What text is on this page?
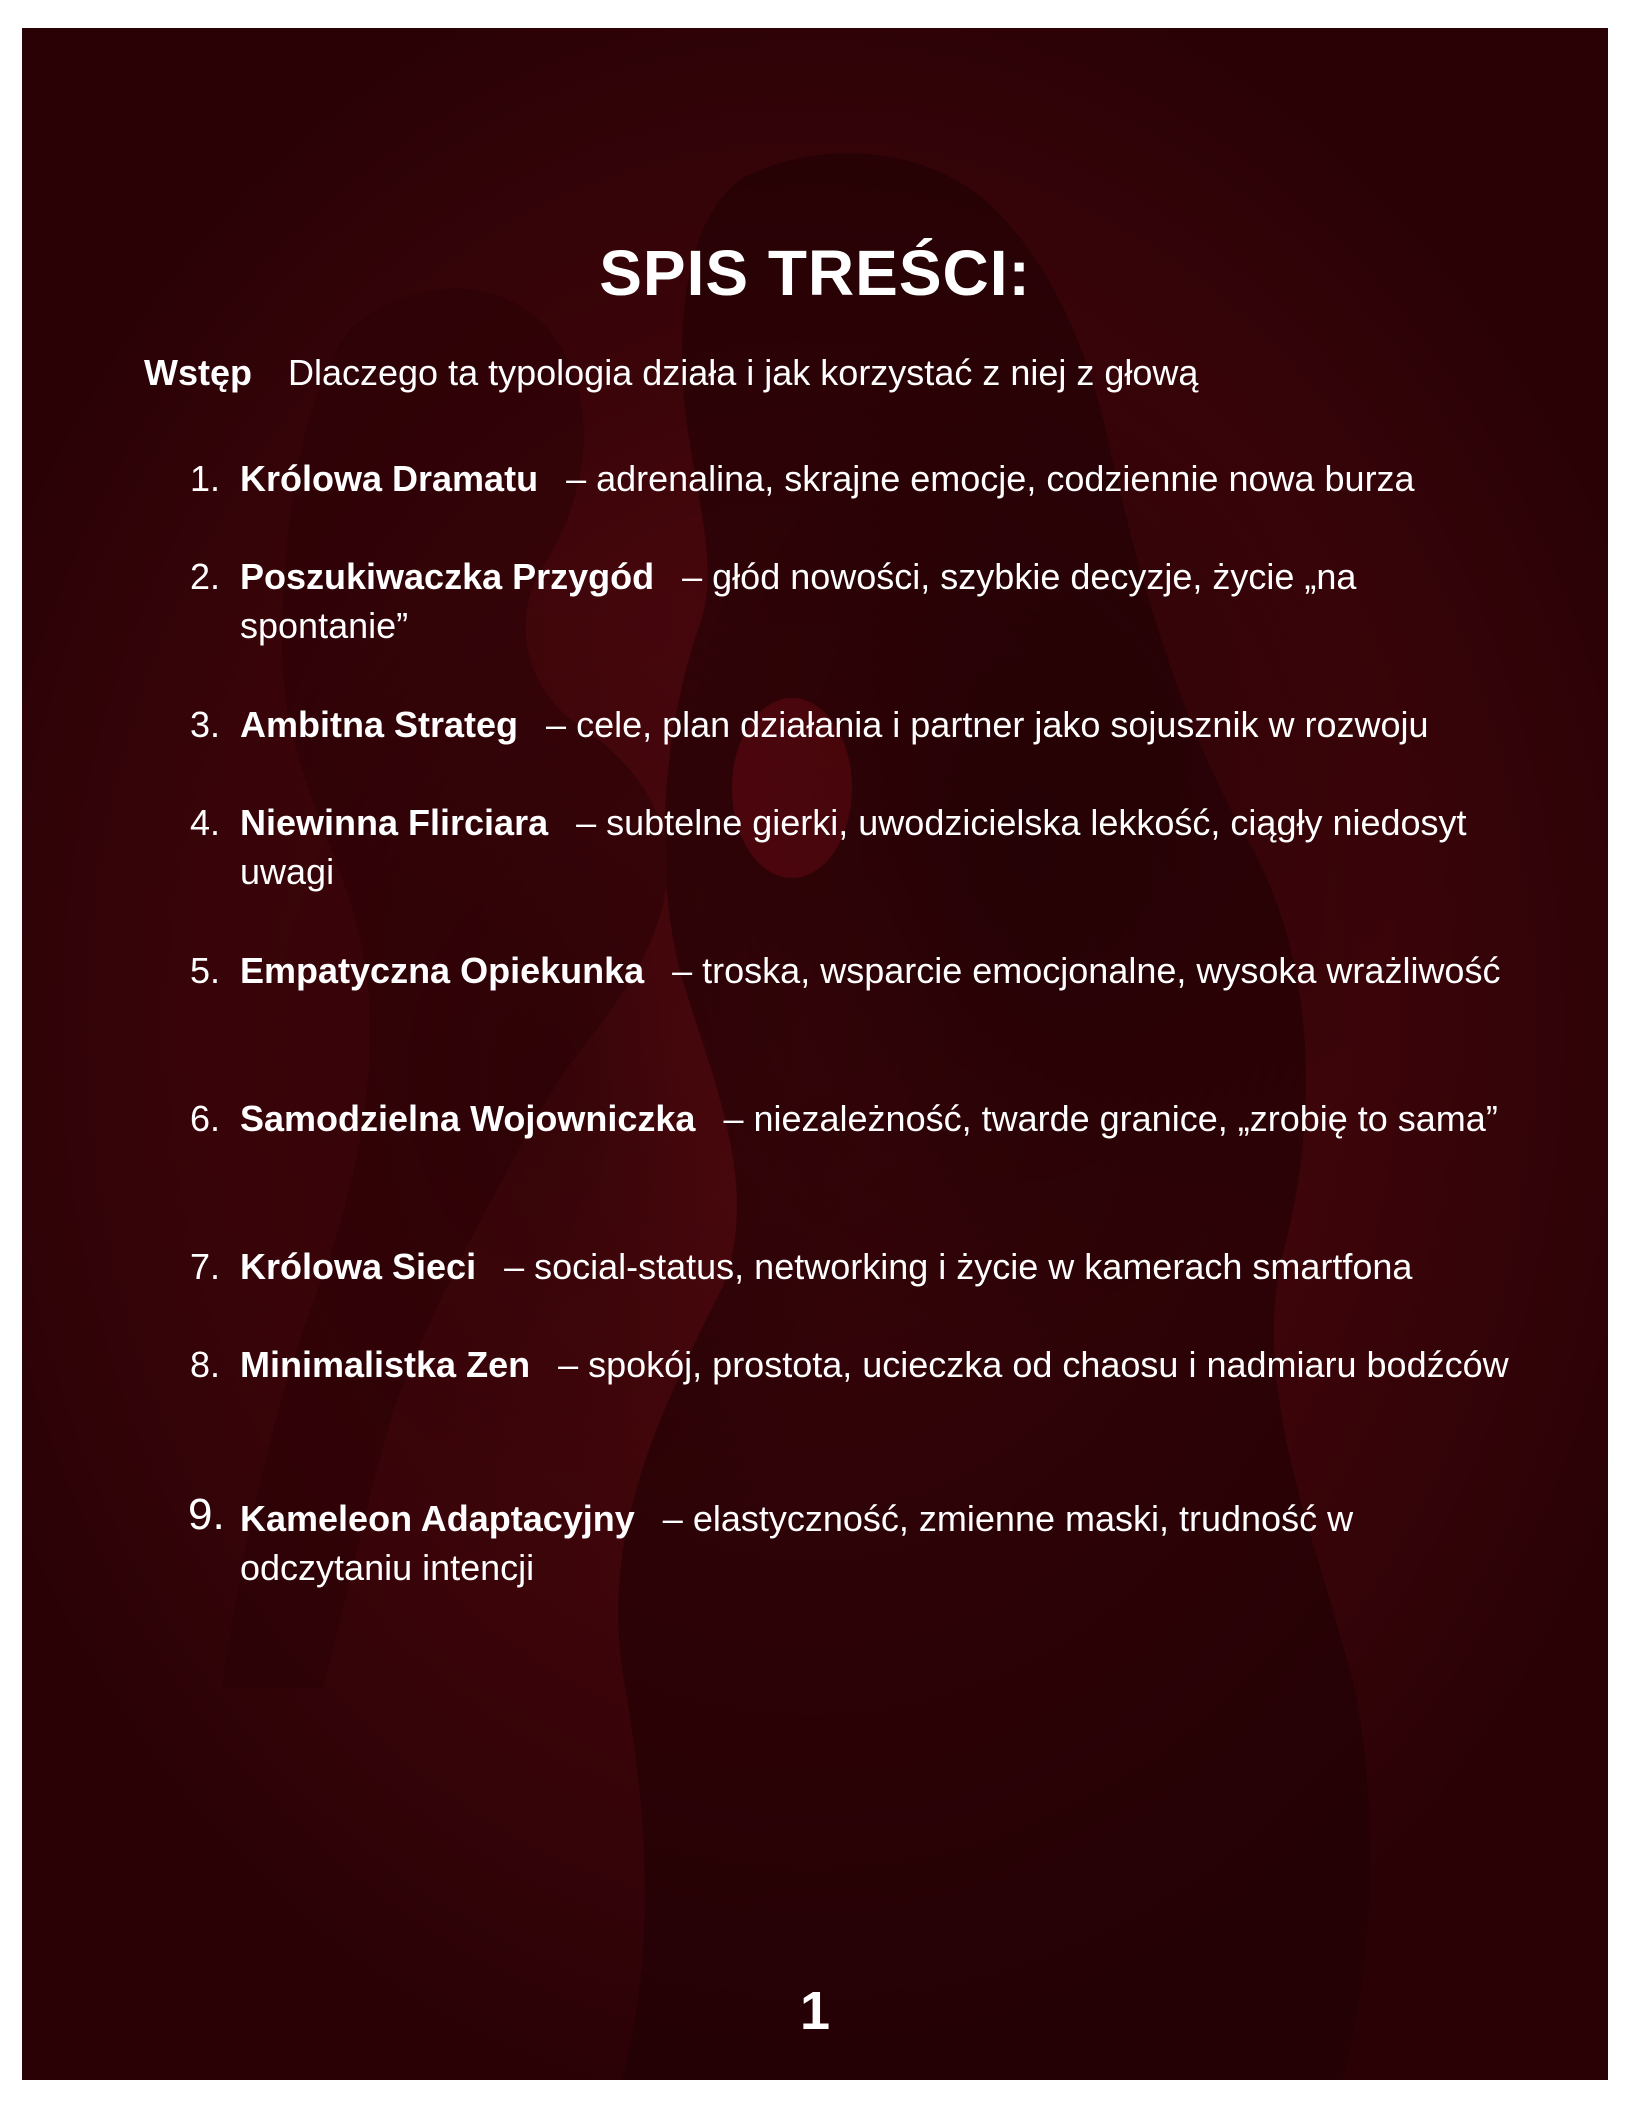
SPIS TREŚCI:
Wstęp Dlaczego ta typologia działa i jak korzystać z niej z głową
1. Królowa Dramatu – adrenalina, skrajne emocje, codziennie nowa burza
2. Poszukiwaczka Przygód – głód nowości, szybkie decyzje, życie „na spontanie”
3. Ambitna Strateg – cele, plan działania i partner jako sojusznik w rozwoju
4. Niewinna Flirciara – subtelne gierki, uwodzicielska lekkość, ciągły niedosyt uwagi
5. Empatyczna Opiekunka – troska, wsparcie emocjonalne, wysoka wrażliwość
6. Samodzielna Wojowniczka – niezależność, twarde granice, „zrobię to sama”
7. Królowa Sieci – social-status, networking i życie w kamerach smartfona
8. Minimalistka Zen – spokój, prostota, ucieczka od chaosu i nadmiaru bodźców
9. Kameleon Adaptacyjny – elastyczność, zmienne maski, trudność w odczytaniu intencji
1
